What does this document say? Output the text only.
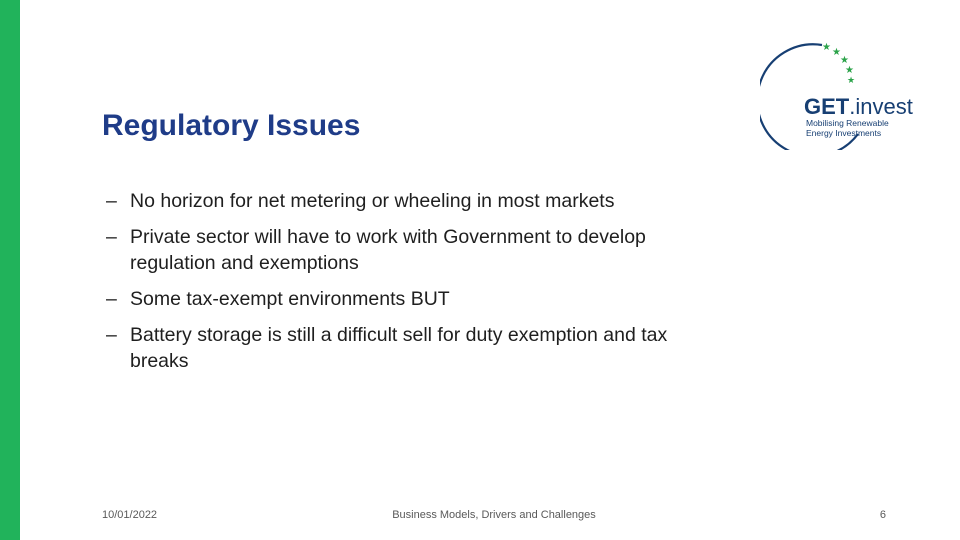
★ ★
★
★
★
GET.invest
Mobilising Renewable
Energy Investments
Regulatory Issues
– No horizon for net metering or wheeling in most markets
– Private sector will have to work with Government to develop regulation and exemptions
– Some tax-exempt environments BUT
– Battery storage is still a difficult sell for duty exemption and tax breaks
10/01/2022	Business Models, Drivers and Challenges	6
